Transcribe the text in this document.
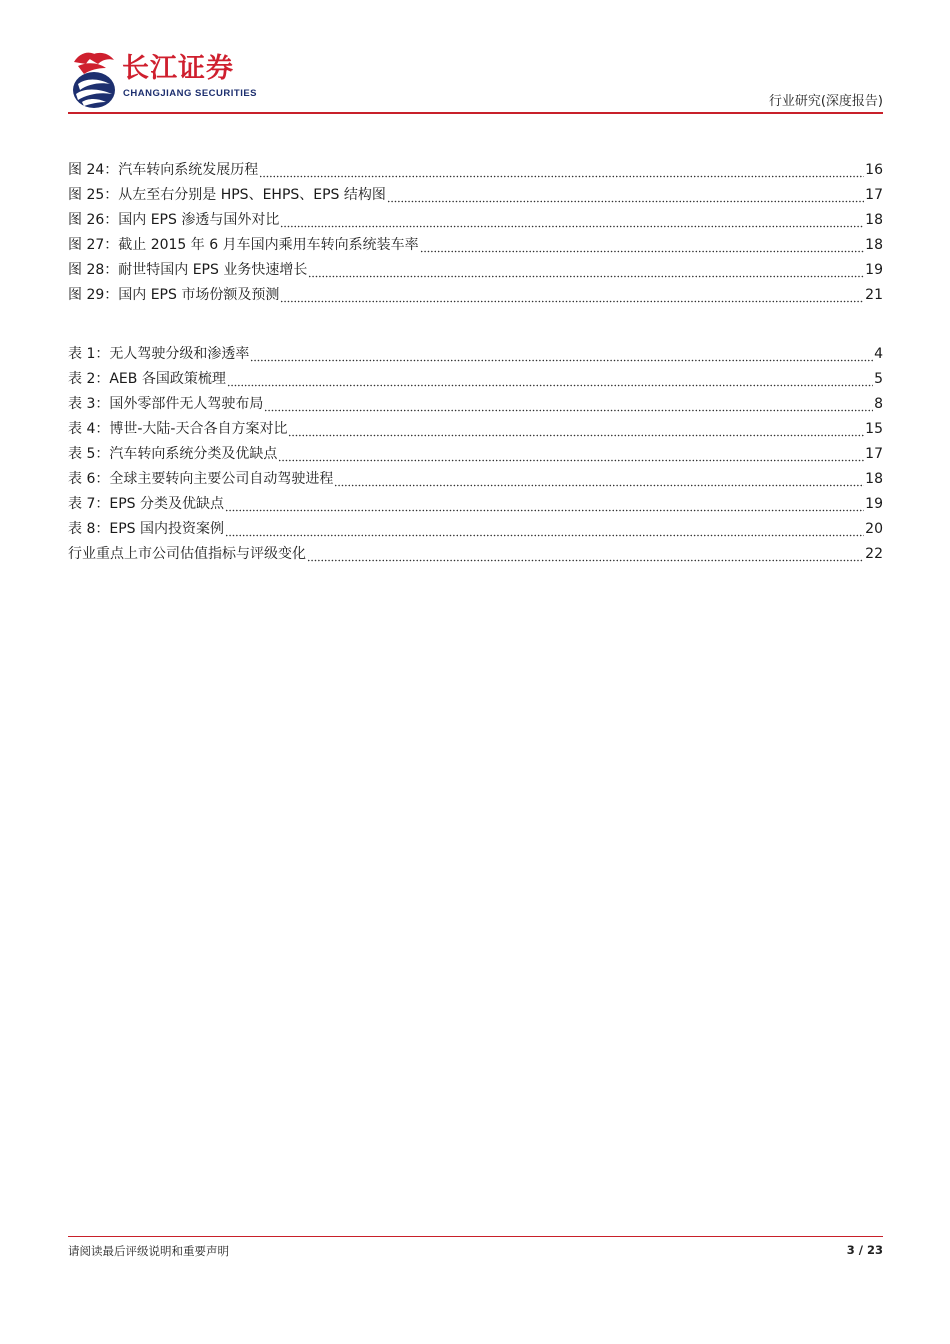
长江证券
CHANGJIANG SECURITIES
行业研究(深度报告)
图 24：汽车转向系统发展历程	16
图 25：从左至右分别是 HPS、EHPS、EPS 结构图	17
图 26：国内 EPS 渗透与国外对比	18
图 27：截止 2015 年 6 月车国内乘用车转向系统装车率	18
图 28：耐世特国内 EPS 业务快速增长	19
图 29：国内 EPS 市场份额及预测	21
表 1：无人驾驶分级和渗透率	4
表 2：AEB 各国政策梳理	5
表 3：国外零部件无人驾驶布局	8
表 4：博世-大陆-天合各自方案对比	15
表 5：汽车转向系统分类及优缺点	17
表 6：全球主要转向主要公司自动驾驶进程	18
表 7：EPS 分类及优缺点	19
表 8：EPS 国内投资案例	20
行业重点上市公司估值指标与评级变化	22
请阅读最后评级说明和重要声明	3 / 23
